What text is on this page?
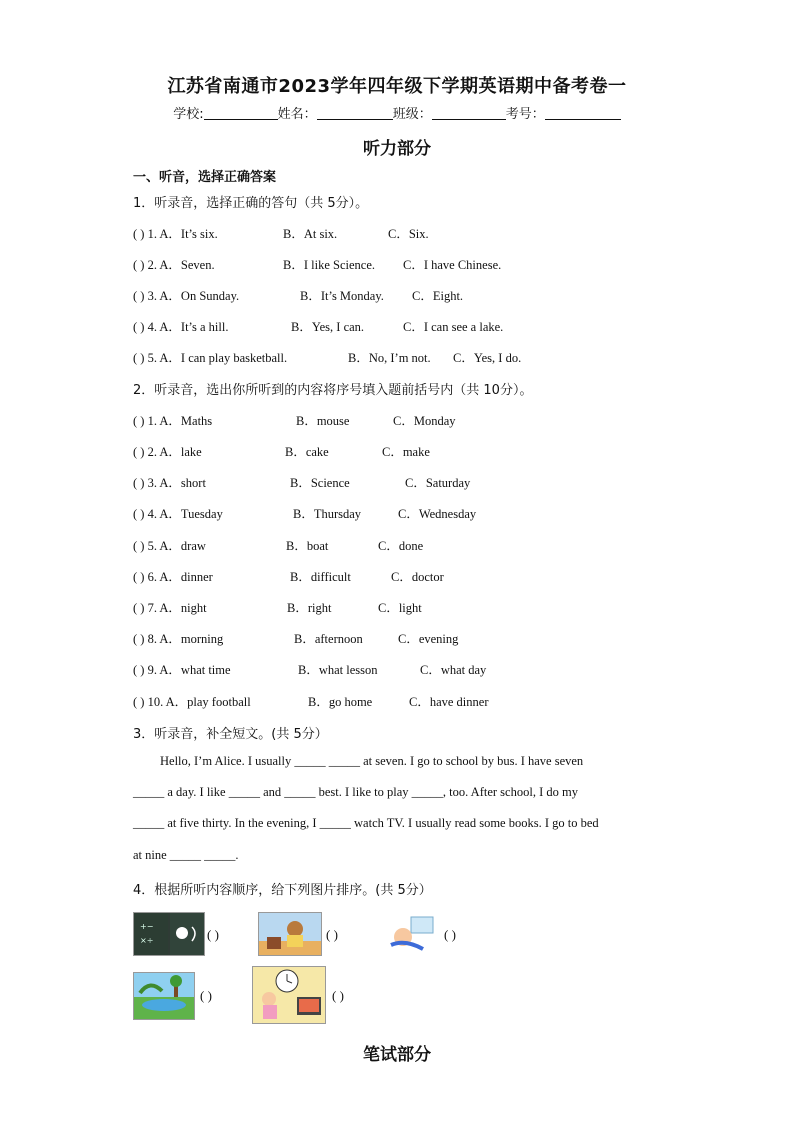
江苏省南通市2023学年四年级下学期英语期中备考卷一
学校:	姓名：	班级：	考号：
听力部分
一、听音，选择正确答案
1．听录音，选择正确的答句（共 5分）。
( ) 1. A．It’s six.	B．At six.	C．Six.
( ) 2. A．Seven.	B．I like Science. C．I have Chinese.
( ) 3. A．On Sunday.	B．It’s Monday. C．Eight.
( ) 4. A．It’s a hill.	B．Yes, I can.	C．I can see a lake.
( ) 5. A．I can play basketball.	B．No, I’m not. C．Yes, I do.
2．听录音，选出你所听到的内容将序号填入题前括号内（共 10分）。
( ) 1. A．Maths	B．mouse	C．Monday
( ) 2. A．lake	B．cake	C．make
( ) 3. A．short	B．Science	C．Saturday
( ) 4. A．Tuesday	B．Thursday	C．Wednesday
( ) 5. A．draw	B．boat	C．done
( ) 6. A．dinner	B．difficult	C．doctor
( ) 7. A．night	B．right	C．light
( ) 8. A．morning	B．afternoon	C．evening
( ) 9. A．what time	B．what lesson	C．what day
( ) 10. A．play football	B．go home	C．have dinner
3．听录音，补全短文。(共 5分）
Hello, I’m Alice. I usually _____ _____ at seven. I go to school by bus. I have seven
_____ a day. I like _____ and _____ best. I like to play _____, too. After school, I do my
_____ at five thirty. In the evening, I _____ watch TV. I usually read some books. I go to bed
at nine _____ _____.
4．根据所听内容顺序，给下列图片排序。(共 5分）
+−
×÷	( )	( )	( )
( )	( )
笔试部分
